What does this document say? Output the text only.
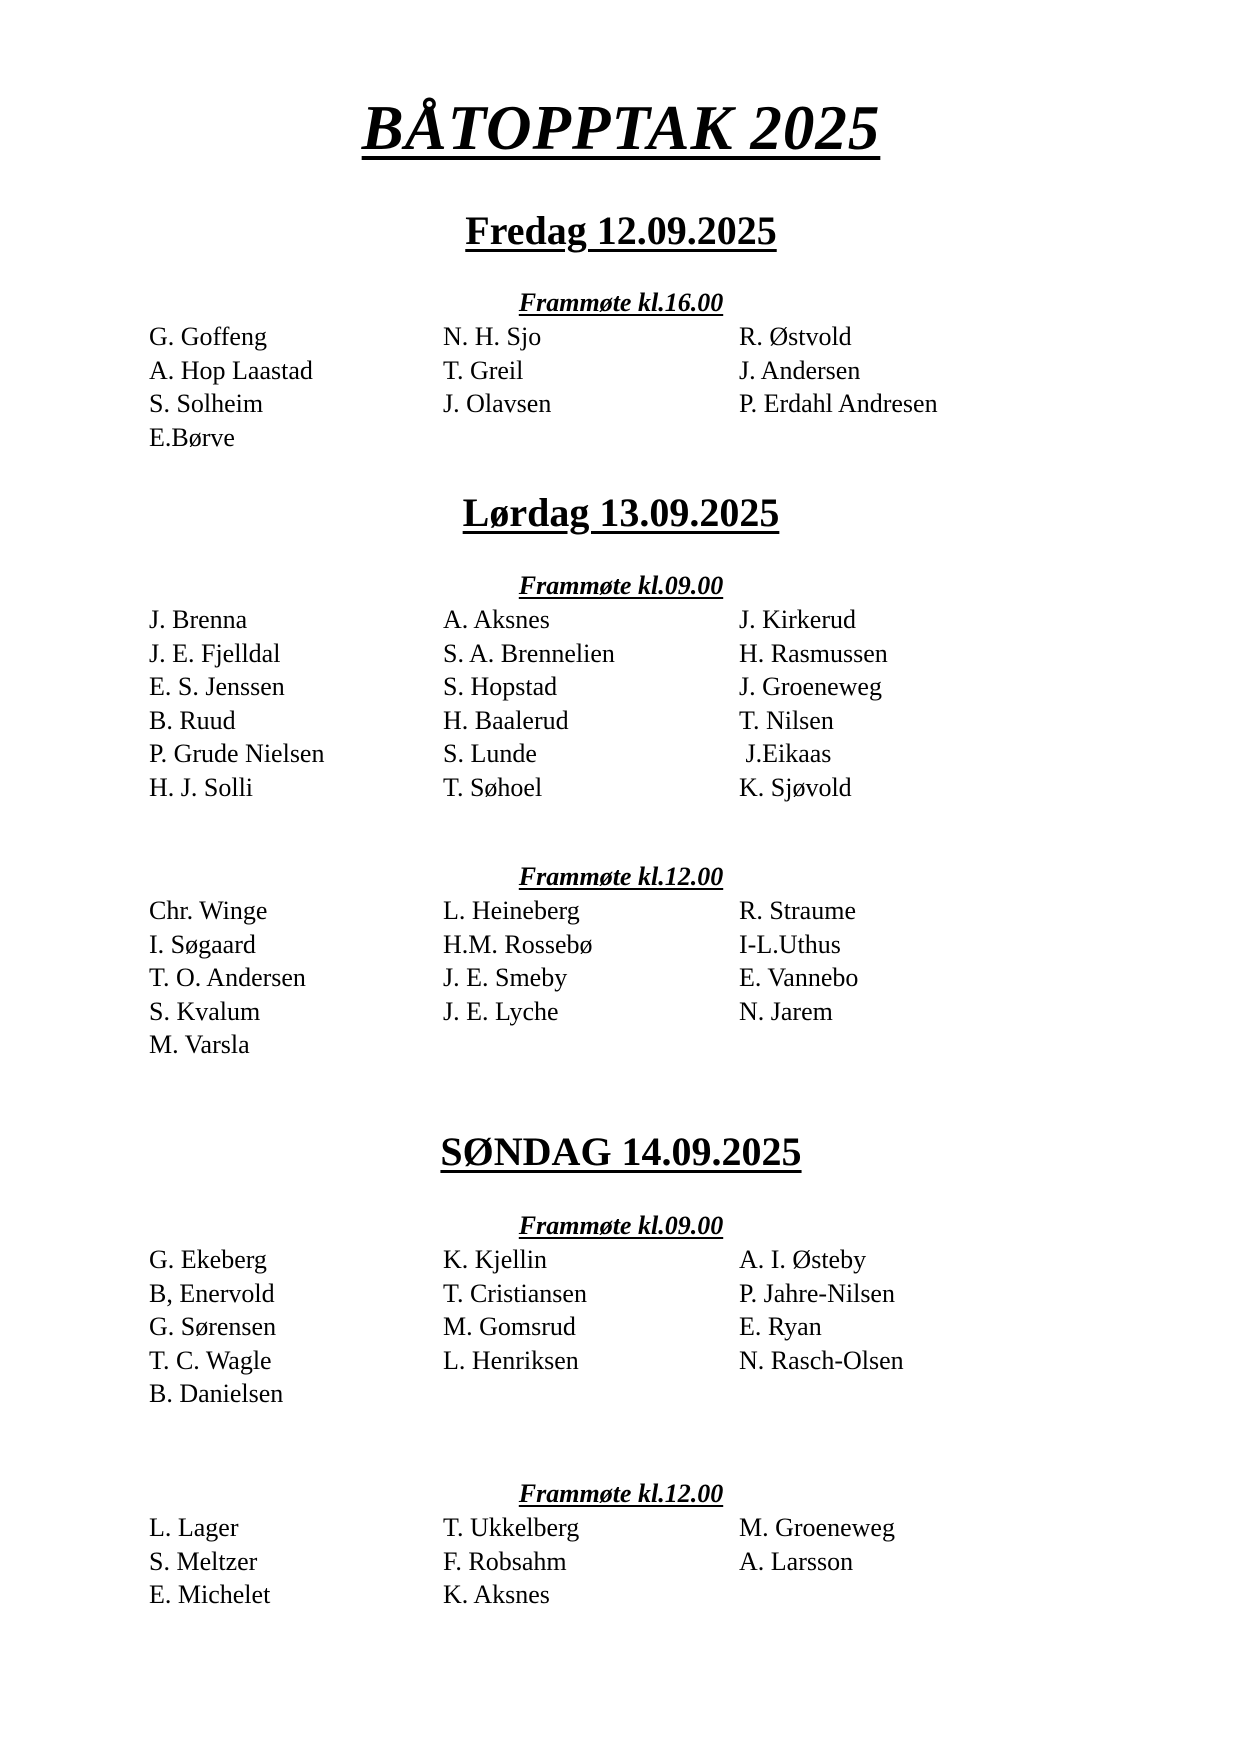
BÅTOPPTAK 2025
Fredag 12.09.2025
Frammøte kl.16.00
G. Goffeng	N. H. Sjo	R. Østvold
A. Hop Laastad	T. Greil	J. Andersen
S. Solheim	J. Olavsen	P. Erdahl Andresen
E.Børve
Lørdag 13.09.2025
Frammøte kl.09.00
J. Brenna	A. Aksnes	J. Kirkerud
J. E. Fjelldal	S. A. Brennelien	H. Rasmussen
E. S. Jenssen	S. Hopstad	J. Groeneweg
B. Ruud	H. Baalerud	T. Nilsen
P. Grude Nielsen	S. Lunde	J.Eikaas
H. J. Solli	T. Søhoel	K. Sjøvold
Frammøte kl.12.00
Chr. Winge	L. Heineberg	R. Straume
I. Søgaard	H.M. Rossebø	I-L.Uthus
T. O. Andersen	J. E. Smeby	E. Vannebo
S. Kvalum	J. E. Lyche	N. Jarem
M. Varsla
SØNDAG 14.09.2025
Frammøte kl.09.00
G. Ekeberg	K. Kjellin	A. I. Østeby
B, Enervold	T. Cristiansen	P. Jahre-Nilsen
G. Sørensen	M. Gomsrud	E. Ryan
T. C. Wagle	L. Henriksen	N. Rasch-Olsen
B. Danielsen
Frammøte kl.12.00
L. Lager	T. Ukkelberg	M. Groeneweg
S. Meltzer	F. Robsahm	A. Larsson
E. Michelet	K. Aksnes
